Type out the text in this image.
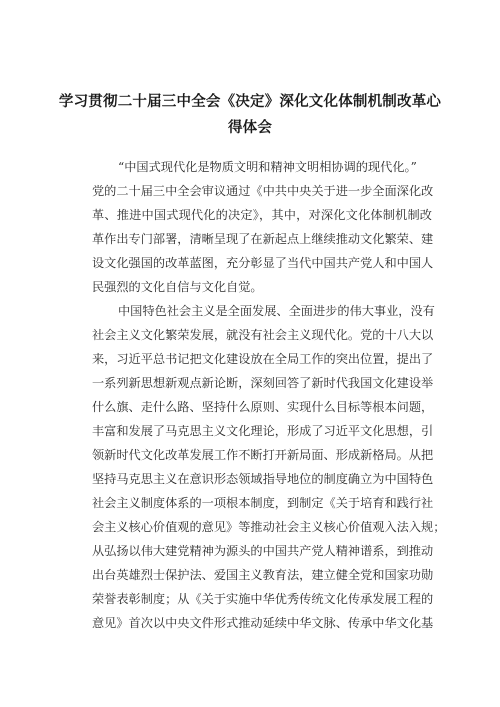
学习贯彻二十届三中全会《决定》深化文化体制机制改革心
得体会
“中国式现代化是物质文明和精神文明相协调的现代化。”
党的二十届三中全会审议通过《中共中央关于进一步全面深化改
革、推进中国式现代化的决定》，其中，对深化文化体制机制改
革作出专门部署，清晰呈现了在新起点上继续推动文化繁荣、建
设文化强国的改革蓝图，充分彰显了当代中国共产党人和中国人
民强烈的文化自信与文化自觉。
中国特色社会主义是全面发展、全面进步的伟大事业，没有
社会主义文化繁荣发展，就没有社会主义现代化。党的十八大以
来，习近平总书记把文化建设放在全局工作的突出位置，提出了
一系列新思想新观点新论断，深刻回答了新时代我国文化建设举
什么旗、走什么路、坚持什么原则、实现什么目标等根本问题，
丰富和发展了马克思主义文化理论，形成了习近平文化思想，引
领新时代文化改革发展工作不断打开新局面、形成新格局。从把
坚持马克思主义在意识形态领域指导地位的制度确立为中国特色
社会主义制度体系的一项根本制度，到制定《关于培育和践行社
会主义核心价值观的意见》等推动社会主义核心价值观入法入规；
从弘扬以伟大建党精神为源头的中国共产党人精神谱系，到推动
出台英雄烈士保护法、爱国主义教育法，建立健全党和国家功勋
荣誉表彰制度；从《关于实施中华优秀传统文化传承发展工程的
意见》首次以中央文件形式推动延续中华文脉、传承中华文化基
